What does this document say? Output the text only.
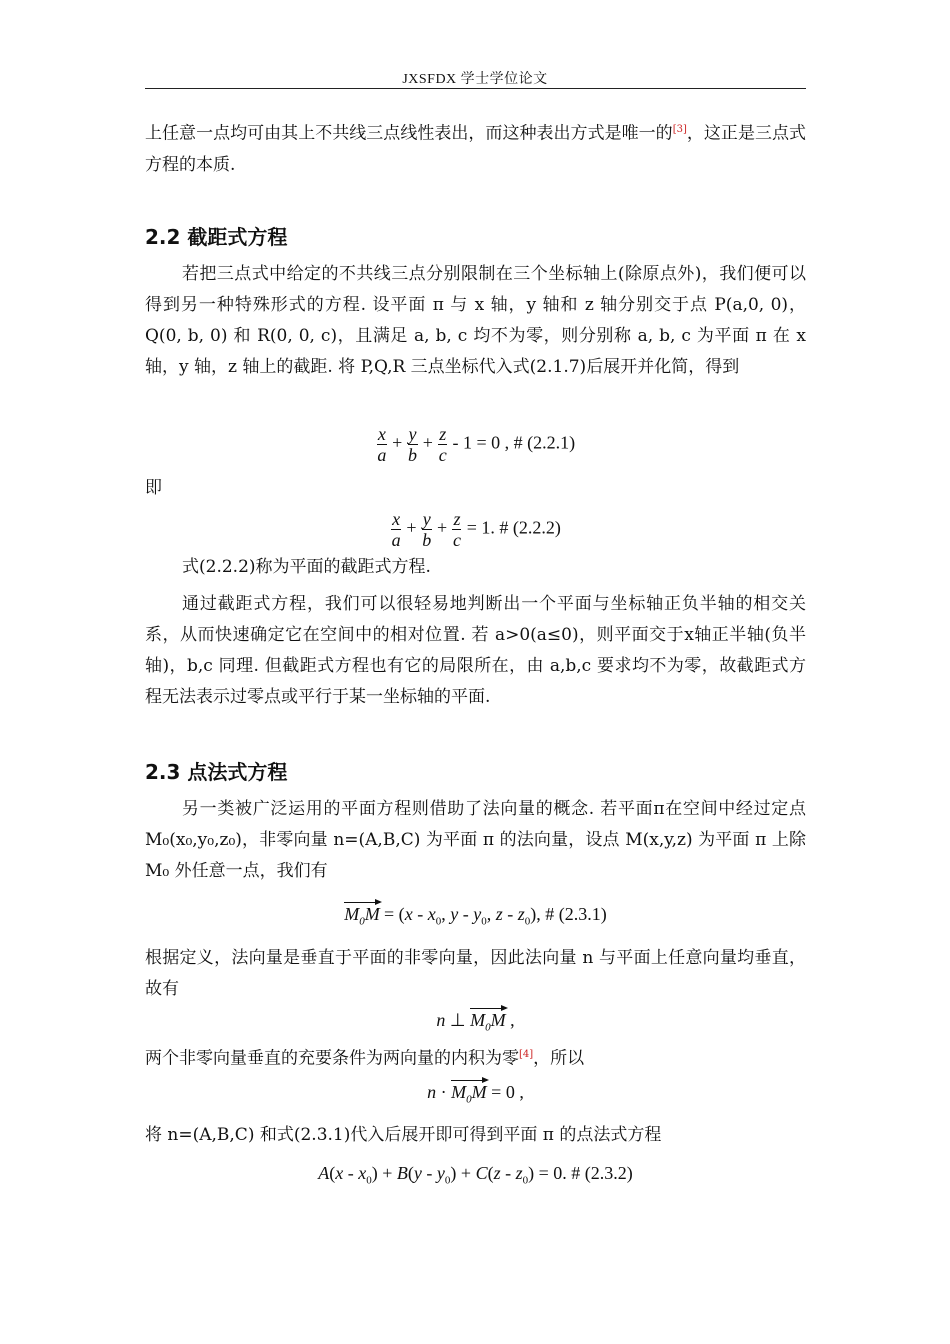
JXSFDX 学士学位论文
上任意一点均可由其上不共线三点线性表出，而这种表出方式是唯一的[3]，这正是三点式方程的本质.
2.2 截距式方程
若把三点式中给定的不共线三点分别限制在三个坐标轴上(除原点外)，我们便可以得到另一种特殊形式的方程. 设平面 π 与 x 轴，y 轴和 z 轴分别交于点 P(a,0, 0)， Q(0, b, 0) 和 R(0, 0, c)，且满足 a, b, c 均不为零，则分别称 a, b, c 为平面 π 在 x 轴，y 轴，z 轴上的截距. 将 P,Q,R 三点坐标代入式(2.1.7)后展开并化简，得到
$\frac{x}{a} + \frac{y}{b} + \frac{z}{c} - 1 = 0$ , # (2.2.1)
即
$\frac{x}{a} + \frac{y}{b} + \frac{z}{c} = 1$. # (2.2.2)
式(2.2.2)称为平面的截距式方程.
通过截距式方程，我们可以很轻易地判断出一个平面与坐标轴正负半轴的相交关系，从而快速确定它在空间中的相对位置. 若 a>0(a≤0)，则平面交于x轴正半轴(负半轴)，b,c 同理. 但截距式方程也有它的局限所在，由 a,b,c 要求均不为零，故截距式方程无法表示过零点或平行于某一坐标轴的平面.
2.3 点法式方程
另一类被广泛运用的平面方程则借助了法向量的概念. 若平面π在空间中经过定点 M₀(x₀,y₀,z₀)，非零向量 n=(A,B,C) 为平面 π 的法向量，设点 M(x,y,z) 为平面 π 上除 M₀ 外任意一点，我们有
$M_0M = (x - x_0$, y - $y_0$, z - $z_0$), # (2.3.1)
根据定义，法向量是垂直于平面的非零向量，因此法向量 n 与平面上任意向量均垂直，故有
n ⊥ $M_0M$ ,
两个非零向量垂直的充要条件为两向量的内积为零[4]，所以
$n \cdot M_0M = 0$ ,
将 n=(A,B,C) 和式(2.3.1)代入后展开即可得到平面 π 的点法式方程
$A(x - x_0) + B(y - y_0) + C(z - z_0) = 0$. # (2.3.2)
